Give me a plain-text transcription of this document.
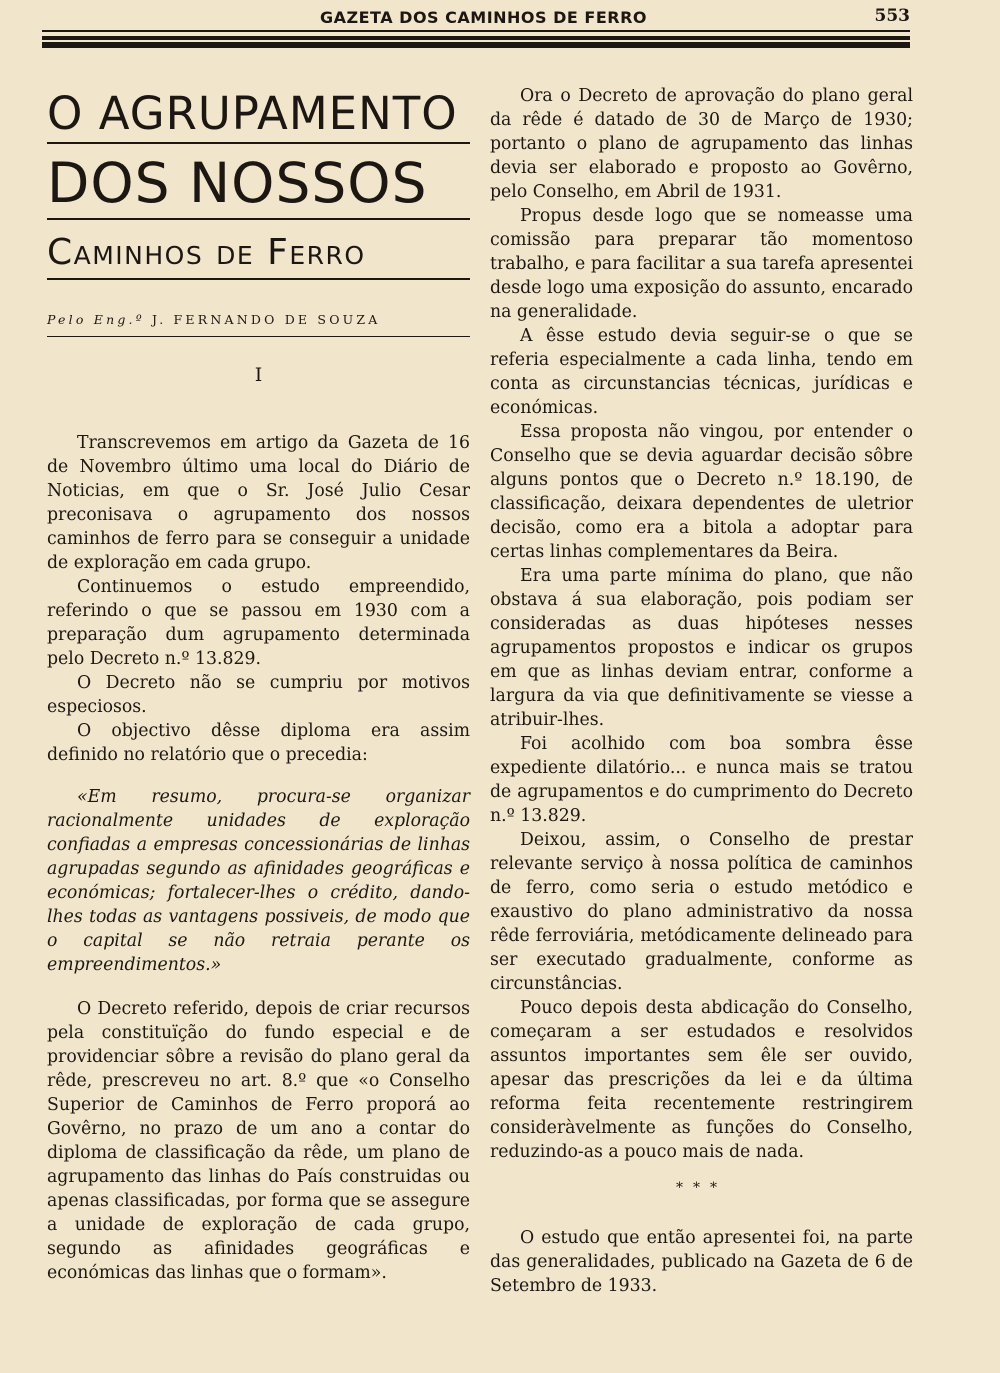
GAZETA DOS CAMINHOS DE FERRO	553
O AGRUPAMENTO
DOS NOSSOS
Caminhos de Ferro
Pelo Eng.º J. FERNANDO DE SOUZA
I

Transcrevemos em artigo da Gazeta de 16 de Novembro último uma local do Diário de Noticias, em que o Sr. José Julio Cesar preconisava o agrupamento dos nossos caminhos de ferro para se conseguir a unidade de exploração em cada grupo.

Continuemos o estudo empreendido, referindo o que se passou em 1930 com a preparação dum agrupamento determinada pelo Decreto n.º 13.829.

O Decreto não se cumpriu por motivos especiosos.

O objectivo dêsse diploma era assim definido no relatório que o precedia:

«Em resumo, procura-se organizar racionalmente unidades de exploração confiadas a empresas concessionárias de linhas agrupadas segundo as afinidades geográficas e económicas; fortalecer-lhes o crédito, dando-lhes todas as vantagens possiveis, de modo que o capital se não retraia perante os empreendimentos.»

O Decreto referido, depois de criar recursos pela constituïção do fundo especial e de providenciar sôbre a revisão do plano geral da rêde, prescreveu no art. 8.º que «o Conselho Superior de Caminhos de Ferro proporá ao Govêrno, no prazo de um ano a contar do diploma de classificação da rêde, um plano de agrupamento das linhas do País construidas ou apenas classificadas, por forma que se assegure a unidade de exploração de cada grupo, segundo as afinidades geográficas e económicas das linhas que o formam».

Ora o Decreto de aprovação do plano geral da rêde é datado de 30 de Março de 1930; portanto o plano de agrupamento das linhas devia ser elaborado e proposto ao Govêrno, pelo Conselho, em Abril de 1931.

Propus desde logo que se nomeasse uma comissão para preparar tão momentoso trabalho, e para facilitar a sua tarefa apresentei desde logo uma exposição do assunto, encarado na generalidade.

A êsse estudo devia seguir-se o que se referia especialmente a cada linha, tendo em conta as circunstancias técnicas, jurídicas e económicas.

Essa proposta não vingou, por entender o Conselho que se devia aguardar decisão sôbre alguns pontos que o Decreto n.º 18.190, de classificação, deixara dependentes de uletrior decisão, como era a bitola a adoptar para certas linhas complementares da Beira.

Era uma parte mínima do plano, que não obstava á sua elaboração, pois podiam ser consideradas as duas hipóteses nesses agrupamentos propostos e indicar os grupos em que as linhas deviam entrar, conforme a largura da via que definitivamente se viesse a atribuir-lhes.

Foi acolhido com boa sombra êsse expediente dilatório... e nunca mais se tratou de agrupamentos e do cumprimento do Decreto n.º 13.829.

Deixou, assim, o Conselho de prestar relevante serviço à nossa política de caminhos de ferro, como seria o estudo metódico e exaustivo do plano administrativo da nossa rêde ferroviária, metódicamente delineado para ser executado gradualmente, conforme as circunstâncias.

Pouco depois desta abdicação do Conselho, começaram a ser estudados e resolvidos assuntos importantes sem êle ser ouvido, apesar das prescrições da lei e da última reforma feita recentemente restringirem consideràvelmente as funções do Conselho, reduzindo-as a pouco mais de nada.

***

O estudo que então apresentei foi, na parte das generalidades, publicado na Gazeta de 6 de Setembro de 1933.
